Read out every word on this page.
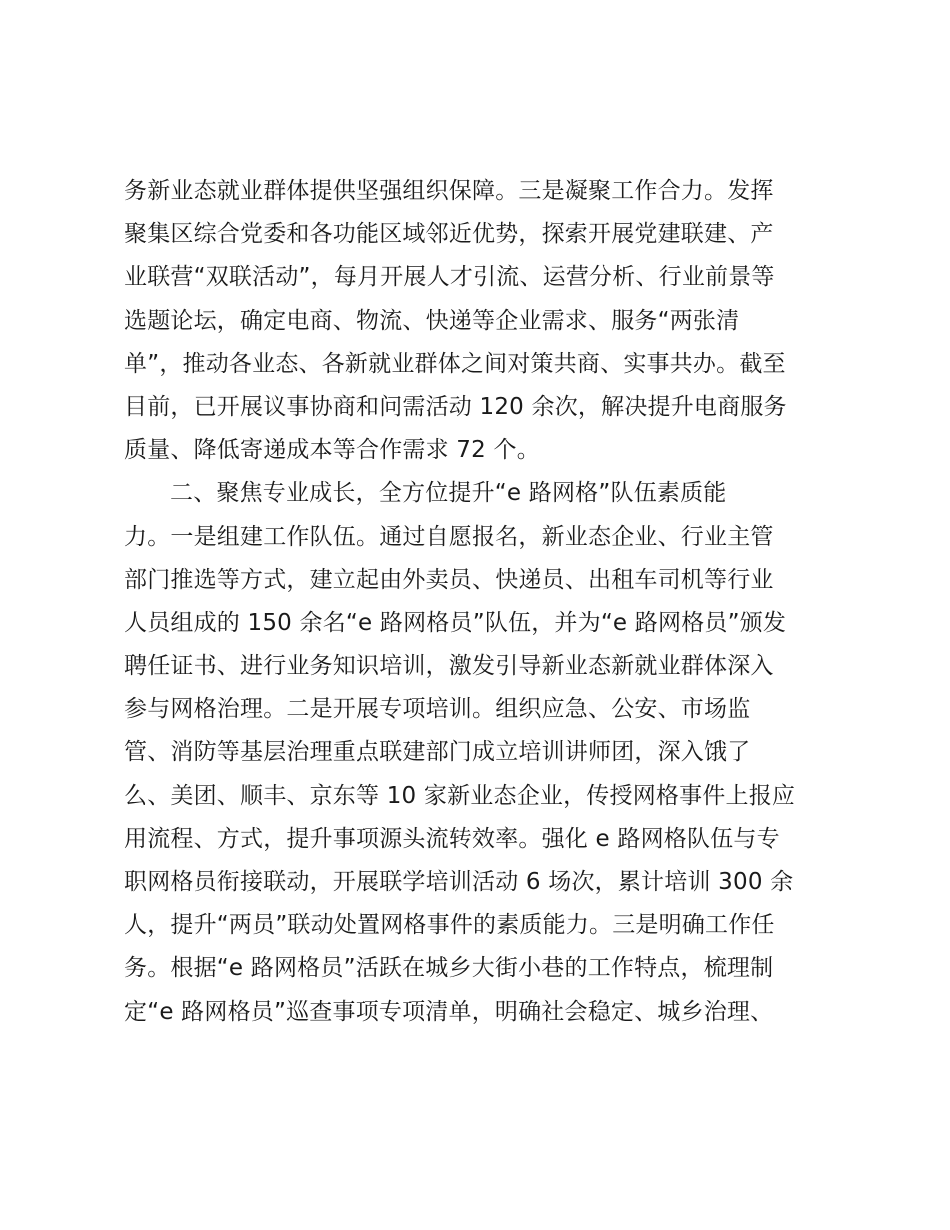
务新业态就业群体提供坚强组织保障。三是凝聚工作合力。发挥
聚集区综合党委和各功能区域邻近优势，探索开展党建联建、产
业联营“双联活动”，每月开展人才引流、运营分析、行业前景等
选题论坛，确定电商、物流、快递等企业需求、服务“两张清
单”，推动各业态、各新就业群体之间对策共商、实事共办。截至
目前，已开展议事协商和问需活动 120 余次，解决提升电商服务
质量、降低寄递成本等合作需求 72 个。
二、聚焦专业成长，全方位提升“e 路网格”队伍素质能
力。一是组建工作队伍。通过自愿报名，新业态企业、行业主管
部门推选等方式，建立起由外卖员、快递员、出租车司机等行业
人员组成的 150 余名“e 路网格员”队伍，并为“e 路网格员”颁发
聘任证书、进行业务知识培训，激发引导新业态新就业群体深入
参与网格治理。二是开展专项培训。组织应急、公安、市场监
管、消防等基层治理重点联建部门成立培训讲师团，深入饿了
么、美团、顺丰、京东等 10 家新业态企业，传授网格事件上报应
用流程、方式，提升事项源头流转效率。强化 e 路网格队伍与专
职网格员衔接联动，开展联学培训活动 6 场次，累计培训 300 余
人，提升“两员”联动处置网格事件的素质能力。三是明确工作任
务。根据“e 路网格员”活跃在城乡大街小巷的工作特点，梳理制
定“e 路网格员”巡查事项专项清单，明确社会稳定、城乡治理、
